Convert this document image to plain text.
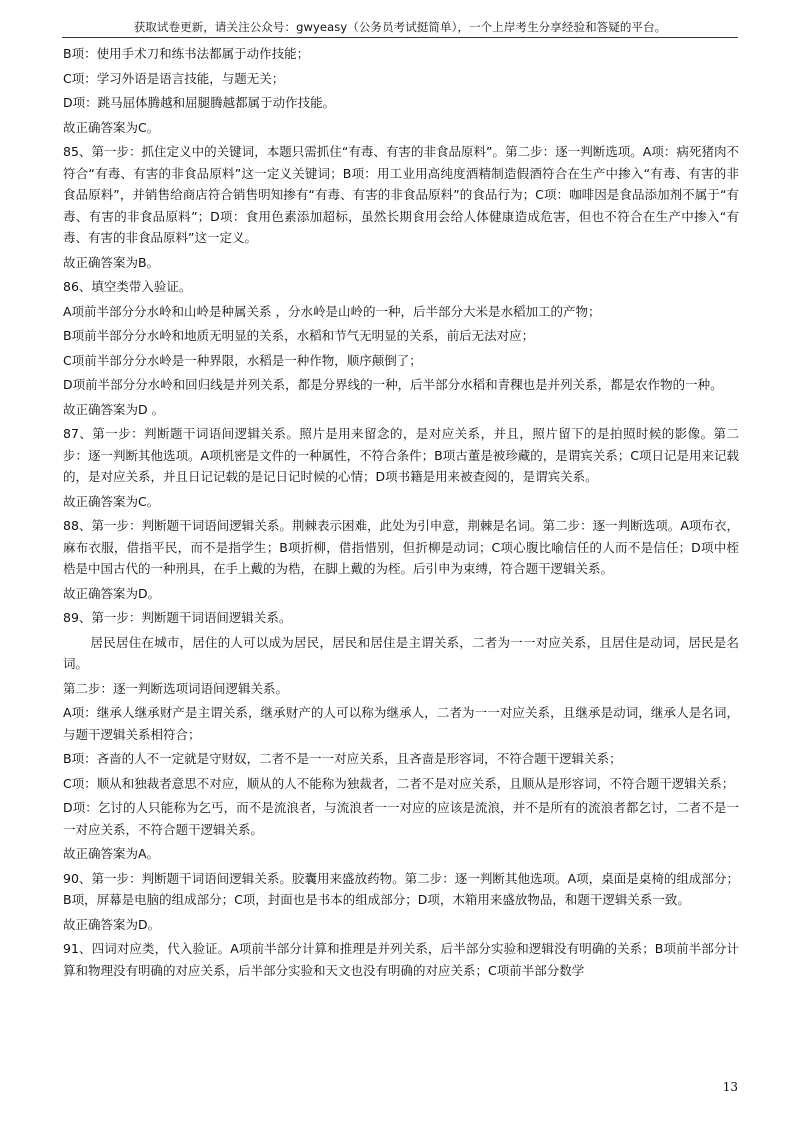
获取试卷更新，请关注公众号：gwyeasy（公务员考试挺简单），一个上岸考生分享经验和答疑的平台。

B项：使用手术刀和练书法都属于动作技能；

C项：学习外语是语言技能，与题无关；

D项：跳马屈体腾越和屈腿腾越都属于动作技能。

故正确答案为C。

85、第一步：抓住定义中的关键词，本题只需抓住“有毒、有害的非食品原料”。第二步：逐一判断选项。A项：病死猪肉不符合“有毒、有害的非食品原料”这一定义关键词；B项：用工业用高纯度酒精制造假酒符合在生产中掺入“有毒、有害的非食品原料”，并销售给商店符合销售明知掺有“有毒、有害的非食品原料”的食品行为；C项：咖啡因是食品添加剂不属于“有毒、有害的非食品原料”；D项：食用色素添加超标，虽然长期食用会给人体健康造成危害，但也不符合在生产中掺入“有毒、有害的非食品原料”这一定义。

故正确答案为B。

86、填空类带入验证。

A项前半部分分水岭和山岭是种属关系 ，分水岭是山岭的一种，后半部分大米是水稻加工的产物；

B项前半部分分水岭和地质无明显的关系，水稻和节气无明显的关系，前后无法对应；

C项前半部分分水岭是一种界限，水稻是一种作物，顺序颠倒了；

D项前半部分分水岭和回归线是并列关系，都是分界线的一种，后半部分水稻和青稞也是并列关系，都是农作物的一种。

故正确答案为D 。

87、第一步：判断题干词语间逻辑关系。照片是用来留念的，是对应关系，并且，照片留下的是拍照时候的影像。第二步：逐一判断其他选项。A项机密是文件的一种属性，不符合条件；B项古董是被珍藏的，是谓宾关系；C项日记是用来记载的，是对应关系，并且日记记载的是记日记时候的心情；D项书籍是用来被查阅的，是谓宾关系。

故正确答案为C。

88、第一步：判断题干词语间逻辑关系。荆棘表示困难，此处为引申意，荆棘是名词。第二步：逐一判断选项。A项布衣，麻布衣服，借指平民，而不是指学生；B项折柳，借指惜别，但折柳是动词；C项心腹比喻信任的人而不是信任；D项中桎梏是中国古代的一种刑具，在手上戴的为梏，在脚上戴的为桎。后引申为束缚，符合题干逻辑关系。

故正确答案为D。

89、第一步：判断题干词语间逻辑关系。

居民居住在城市，居住的人可以成为居民，居民和居住是主谓关系，二者为一一对应关系，且居住是动词，居民是名词。

第二步：逐一判断选项词语间逻辑关系。

A项：继承人继承财产是主谓关系，继承财产的人可以称为继承人，二者为一一对应关系，且继承是动词，继承人是名词，与题干逻辑关系相符合；

B项：吝啬的人不一定就是守财奴，二者不是一一对应关系，且吝啬是形容词，不符合题干逻辑关系；

C项：顺从和独裁者意思不对应，顺从的人不能称为独裁者，二者不是对应关系，且顺从是形容词，不符合题干逻辑关系；

D项：乞讨的人只能称为乞丐，而不是流浪者，与流浪者一一对应的应该是流浪，并不是所有的流浪者都乞讨，二者不是一一对应关系，不符合题干逻辑关系。

故正确答案为A。

90、第一步：判断题干词语间逻辑关系。胶囊用来盛放药物。第二步：逐一判断其他选项。A项，桌面是桌椅的组成部分；B项，屏幕是电脑的组成部分；C项，封面也是书本的组成部分；D项，木箱用来盛放物品，和题干逻辑关系一致。

故正确答案为D。

91、四词对应类，代入验证。A项前半部分计算和推理是并列关系，后半部分实验和逻辑没有明确的关系；B项前半部分计算和物理没有明确的对应关系，后半部分实验和天文也没有明确的对应关系；C项前半部分数学

13
